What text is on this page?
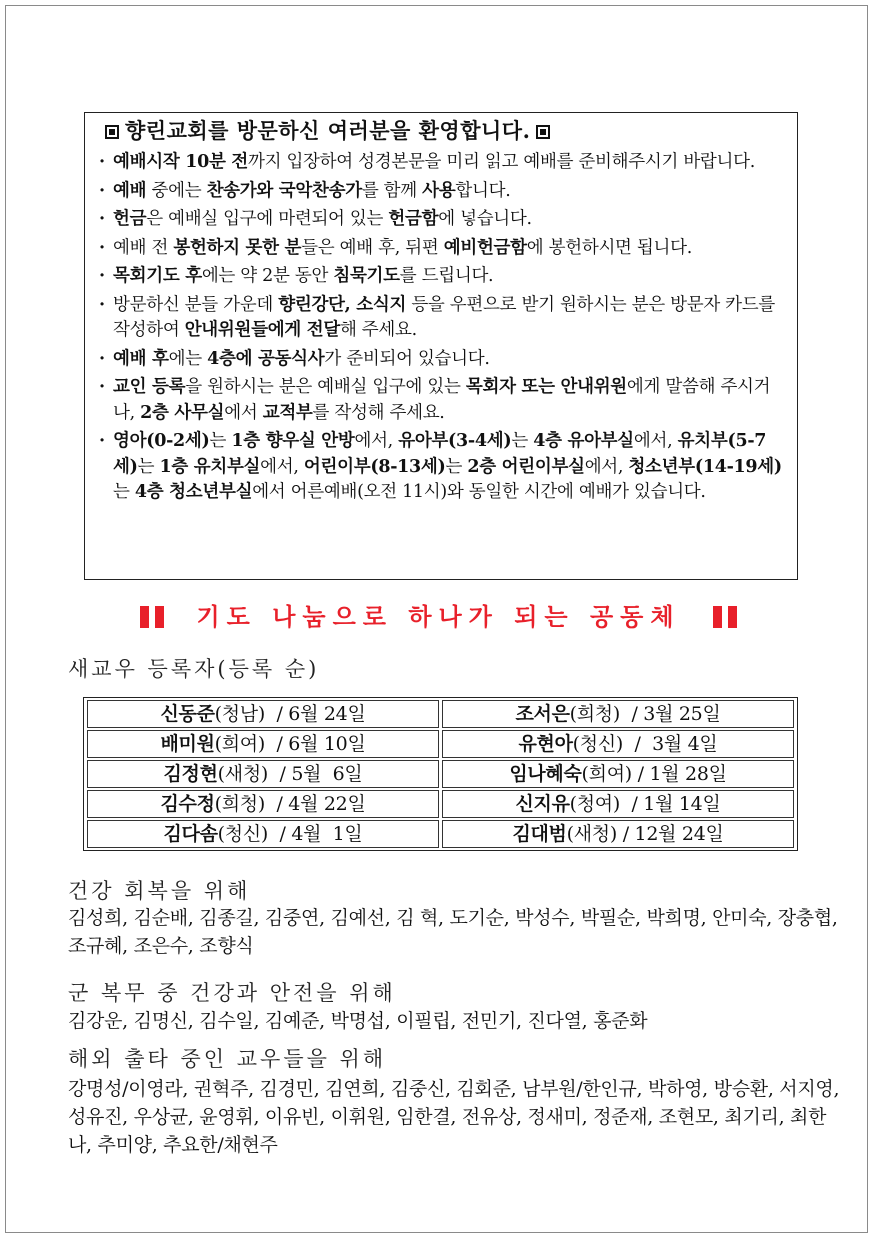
향린교회를 방문하신 여러분을 환영합니다.
· 예배시작 10분 전까지 입장하여 성경본문을 미리 읽고 예배를 준비해주시기 바랍니다.
· 예배 중에는 찬송가와 국악찬송가를 함께 사용합니다.
· 헌금은 예배실 입구에 마련되어 있는 헌금함에 넣습니다.
· 예배 전 봉헌하지 못한 분들은 예배 후, 뒤편 예비헌금함에 봉헌하시면 됩니다.
· 목회기도 후에는 약 2분 동안 침묵기도를 드립니다.
· 방문하신 분들 가운데 향린강단, 소식지 등을 우편으로 받기 원하시는 분은 방문자 카드를 작성하여 안내위원들에게 전달해 주세요.
· 예배 후에는 4층에 공동식사가 준비되어 있습니다.
· 교인 등록을 원하시는 분은 예배실 입구에 있는 목회자 또는 안내위원에게 말씀해 주시거나, 2층 사무실에서 교적부를 작성해 주세요.
· 영아(0-2세)는 1층 향우실 안방에서, 유아부(3-4세)는 4층 유아부실에서, 유치부(5-7세)는 1층 유치부실에서, 어린이부(8-13세)는 2층 어린이부실에서, 청소년부(14-19세)는 4층 청소년부실에서 어른예배(오전 11시)와 동일한 시간에 예배가 있습니다.
기도 나눔으로 하나가 되는 공동체
새교우 등록자(등록 순)
신동준(청남)  / 6월 24일	조서은(희청)  / 3월 25일
배미원(희여)  / 6월 10일	유현아(청신)  /  3월 4일
김정현(새청)  / 5월  6일	임나혜숙(희여) / 1월 28일
김수정(희청)  / 4월 22일	신지유(청여)  / 1월 14일
김다솜(청신)  / 4월  1일	김대범(새청) / 12월 24일
건강 회복을 위해
김성희, 김순배, 김종길, 김중연, 김예선, 김 혁, 도기순, 박성수, 박필순, 박희명, 안미숙, 장충협, 조규혜, 조은수, 조향식
군 복무 중 건강과 안전을 위해
김강운, 김명신, 김수일, 김예준, 박명섭, 이필립, 전민기, 진다열, 홍준화
해외 출타 중인 교우들을 위해
강명성/이영라, 권혁주, 김경민, 김연희, 김중신, 김회준, 남부원/한인규, 박하영, 방승환, 서지영, 성유진, 우상균, 윤영휘, 이유빈, 이휘원, 임한결, 전유상, 정새미, 정준재, 조현모, 최기리, 최한나, 추미양, 추요한/채현주
